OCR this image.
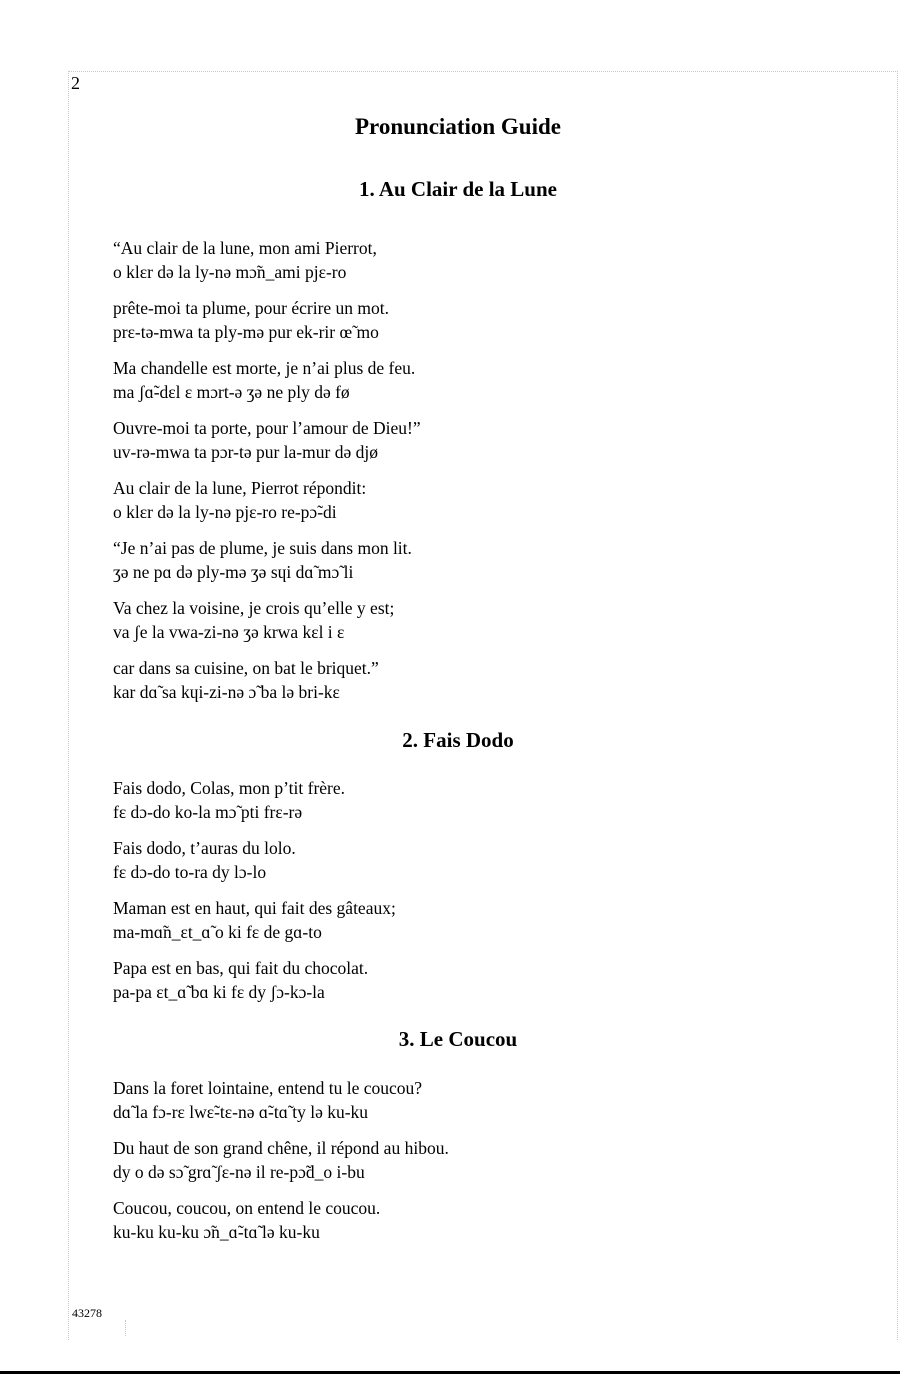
2
Pronunciation Guide
1. Au Clair de la Lune
“Au clair de la lune, mon ami Pierrot,
o klɛr də la ly-nə mɔ̃n_ami pjɛ-ro
prête-moi ta plume, pour écrire un mot.
prɛ-tə-mwa ta ply-mə pur ek-rir œ̃ mo
Ma chandelle est morte, je n’ai plus de feu.
ma ʃɑ̃-dɛl ɛ mɔrt-ə ʒə ne ply də fø
Ouvre-moi ta porte, pour l’amour de Dieu!”
uv-rə-mwa ta pɔr-tə pur la-mur də djø
Au clair de la lune, Pierrot répondit:
o klɛr də la ly-nə pjɛ-ro re-pɔ̃-di
“Je n’ai pas de plume, je suis dans mon lit.
ʒə ne pɑ də ply-mə ʒə sɥi dɑ̃ mɔ̃ li
Va chez la voisine, je crois qu’elle y est;
va ʃe la vwa-zi-nə ʒə krwa kɛl i ɛ
car dans sa cuisine, on bat le briquet.”
kar dɑ̃ sa kɥi-zi-nə ɔ̃ ba lə bri-kɛ
2. Fais Dodo
Fais dodo, Colas, mon p’tit frère.
fɛ dɔ-do ko-la mɔ̃ pti frɛ-rə
Fais dodo, t’auras du lolo.
fɛ dɔ-do to-ra dy lɔ-lo
Maman est en haut, qui fait des gâteaux;
ma-mɑ̃n_ɛt_ɑ̃ o ki fɛ de gɑ-to
Papa est en bas, qui fait du chocolat.
pa-pa ɛt_ɑ̃ bɑ ki fɛ dy ʃɔ-kɔ-la
3. Le Coucou
Dans la foret lointaine, entend tu le coucou?
dɑ̃ la fɔ-rɛ lwɛ̃-tɛ-nə ɑ̃-tɑ̃ ty lə ku-ku
Du haut de son grand chêne, il répond au hibou.
dy o də sɔ̃ grɑ̃ ʃɛ-nə il re-pɔ̃d_o i-bu
Coucou, coucou, on entend le coucou.
ku-ku ku-ku ɔ̃n_ɑ̃-tɑ̃ lə ku-ku
43278
